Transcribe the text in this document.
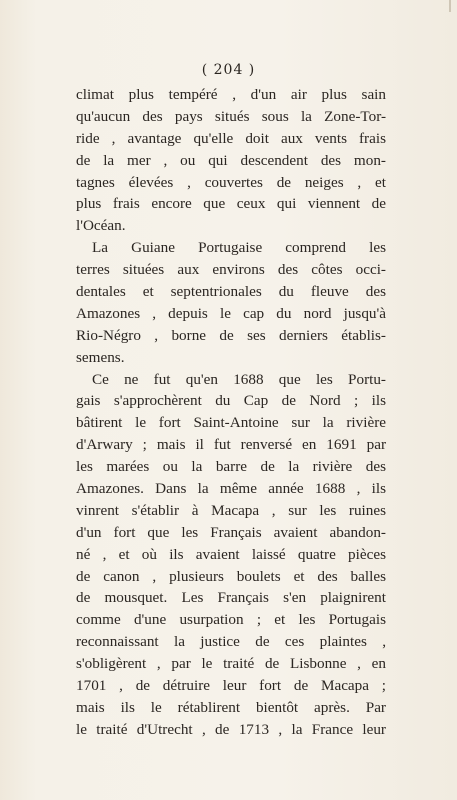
( 204 )
climat plus tempéré , d'un air plus sain
qu'aucun des pays situés sous la Zone-Tor-
ride , avantage qu'elle doit aux vents frais
de la mer , ou qui descendent des mon-
tagnes élevées , couvertes de neiges , et
plus frais encore que ceux qui viennent de
l'Océan.
La Guiane Portugaise comprend les
terres situées aux environs des côtes occi-
dentales et septentrionales du fleuve des
Amazones , depuis le cap du nord jusqu'à
Rio-Négro , borne de ses derniers établis-
semens.
Ce ne fut qu'en 1688 que les Portu-
gais s'approchèrent du Cap de Nord ; ils
bâtirent le fort Saint-Antoine sur la rivière
d'Arwary ; mais il fut renversé en 1691 par
les marées ou la barre de la rivière des
Amazones. Dans la même année 1688 , ils
vinrent s'établir à Macapa , sur les ruines
d'un fort que les Français avaient abandon-
né , et où ils avaient laissé quatre pièces
de canon , plusieurs boulets et des balles
de mousquet. Les Français s'en plaignirent
comme d'une usurpation ; et les Portugais
reconnaissant la justice de ces plaintes ,
s'obligèrent , par le traité de Lisbonne , en
1701 , de détruire leur fort de Macapa ;
mais ils le rétablirent bientôt après. Par
le traité d'Utrecht , de 1713 , la France leur
